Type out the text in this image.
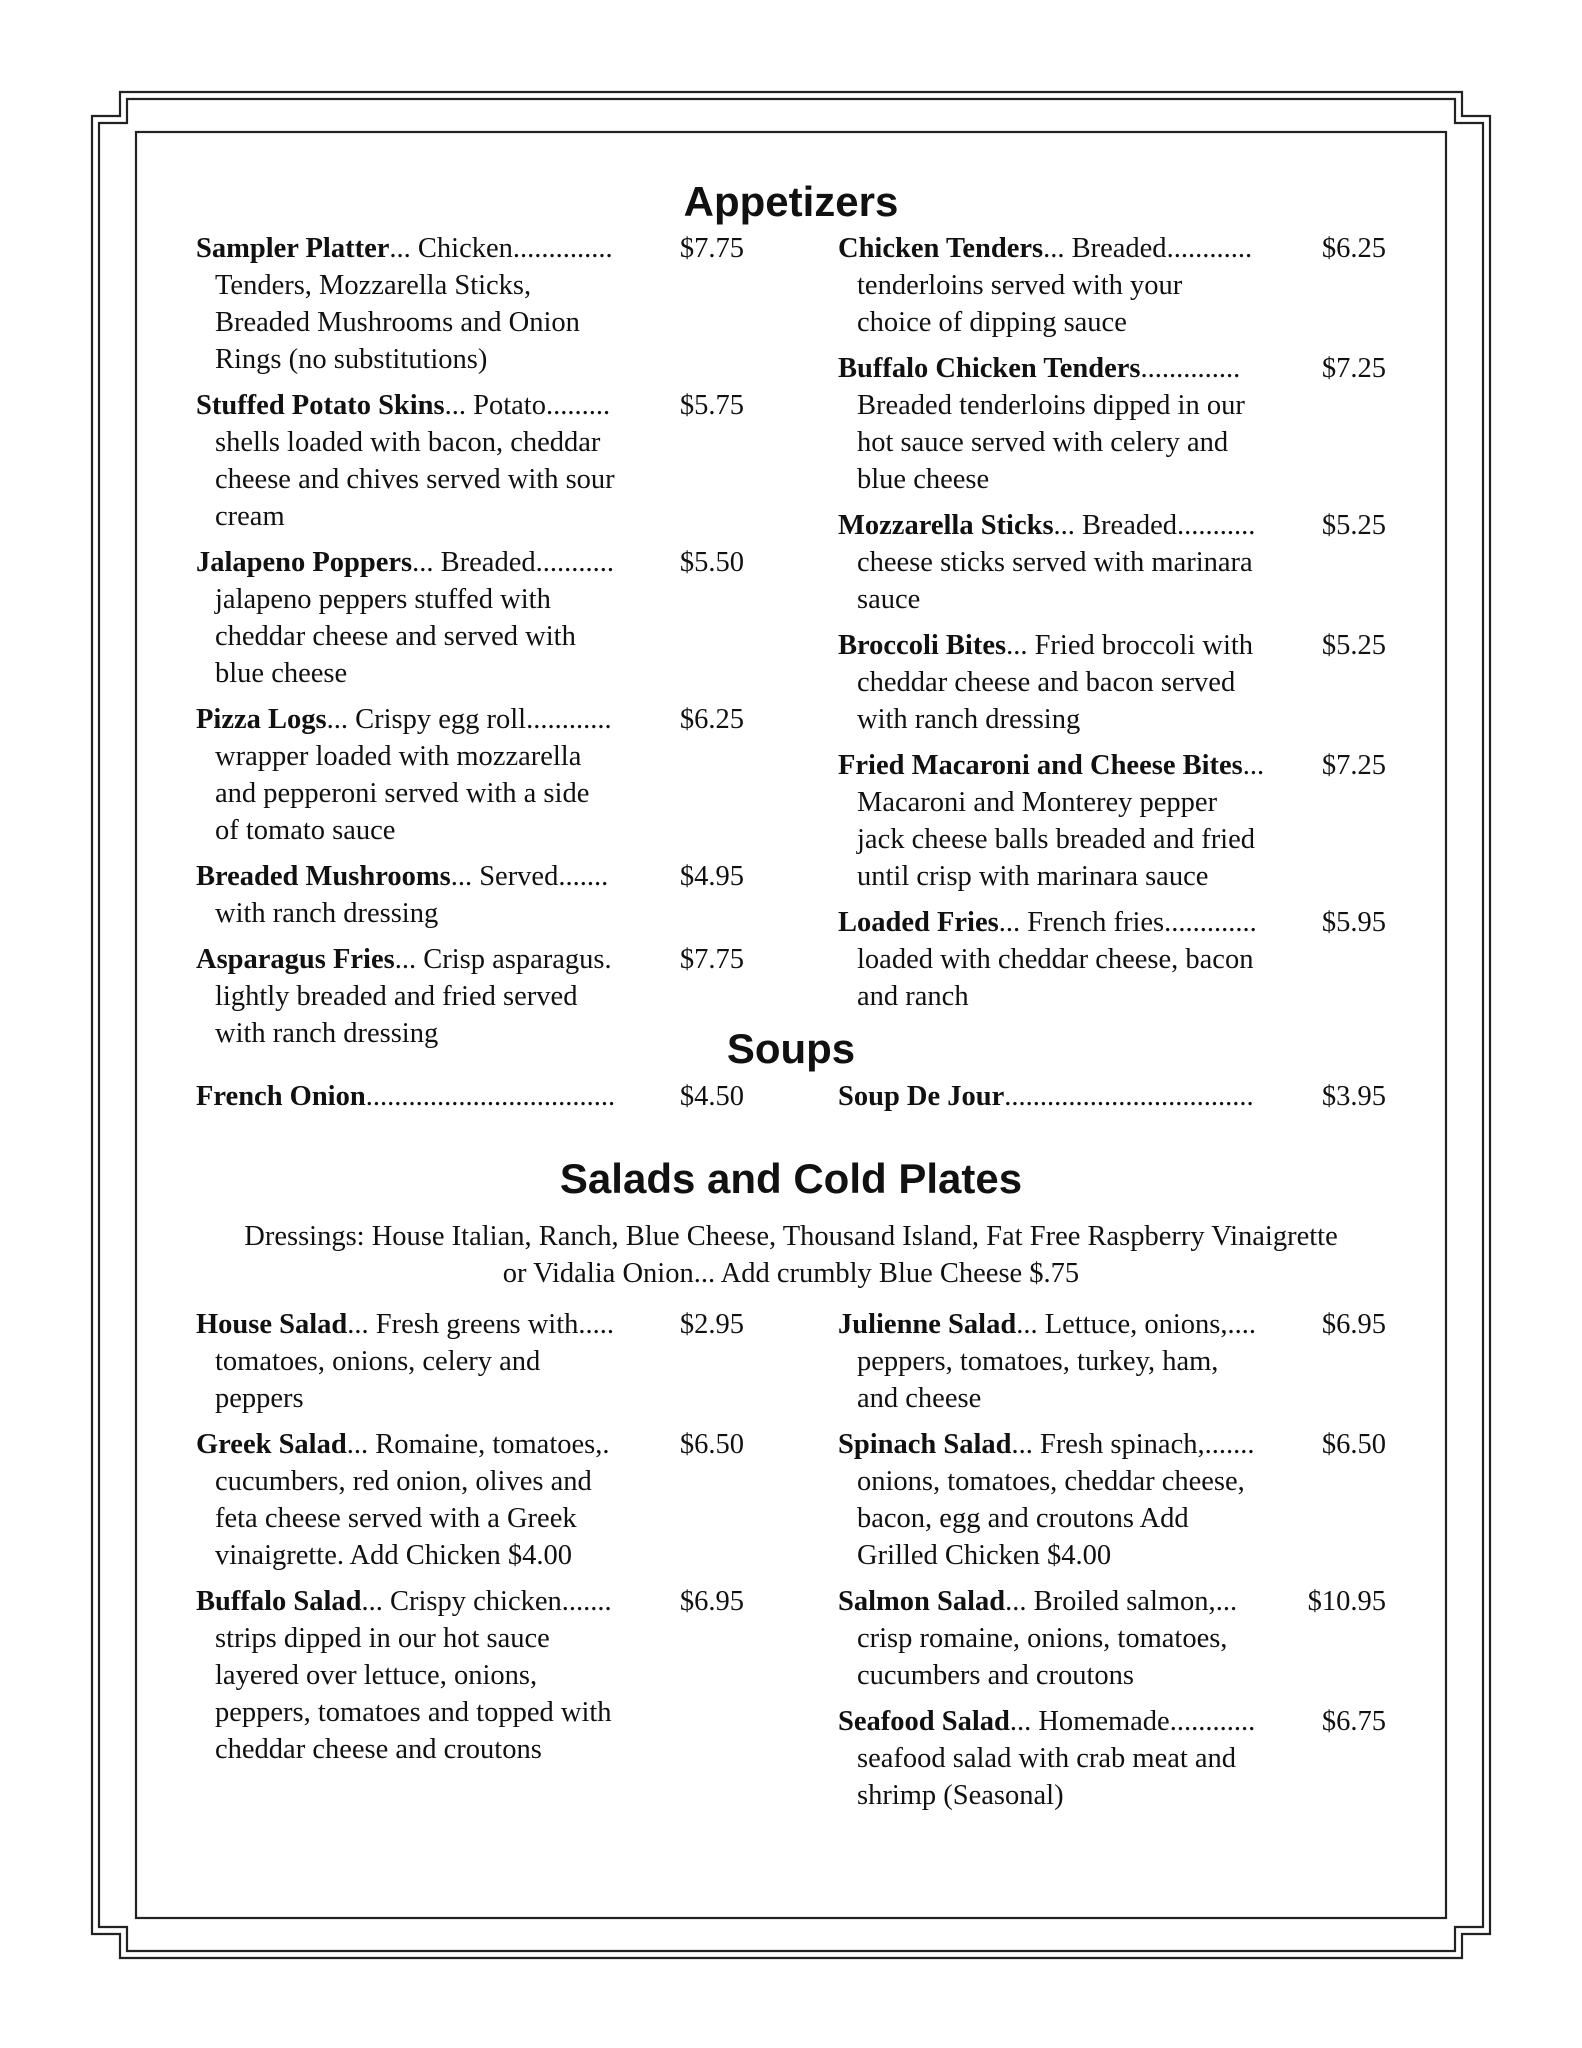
Appetizers
Sampler Platter ... Chicken ..............	$7.75
Tenders, Mozzarella Sticks,
Breaded Mushrooms and Onion
Rings (no substitutions)
Stuffed Potato Skins ... Potato .........	$5.75
shells loaded with bacon, cheddar
cheese and chives served with sour
cream
Jalapeno Poppers ... Breaded ...........	$5.50
jalapeno peppers stuffed with
cheddar cheese and served with
blue cheese
Pizza Logs ... Crispy egg roll ............	$6.25
wrapper loaded with mozzarella
and pepperoni served with a side
of tomato sauce
Breaded Mushrooms ... Served .......	$4.95
with ranch dressing
Asparagus Fries ... Crisp asparagus .	$7.75
lightly breaded and fried served
with ranch dressing
Chicken Tenders ... Breaded ............	$6.25
tenderloins served with your
choice of dipping sauce
Buffalo Chicken Tenders ... ...........	$7.25
Breaded tenderloins dipped in our
hot sauce served with celery and
blue cheese
Mozzarella Sticks ... Breaded ...........	$5.25
cheese sticks served with marinara
sauce
Broccoli Bites ... Fried broccoli with $5.25
cheddar cheese and bacon served
with ranch dressing
Fried Macaroni and Cheese Bites ...	$7.25
Macaroni and Monterey pepper
jack cheese balls breaded and fried
until crisp with marinara sauce
Loaded Fries ... French fries .............	$5.95
loaded with cheddar cheese, bacon
and ranch
Soups
French Onion ...................................	$4.50	Soup De Jour ...................................	$3.95
Salads and Cold Plates
Dressings: House Italian, Ranch, Blue Cheese, Thousand Island, Fat Free Raspberry Vinaigrette
or Vidalia Onion... Add crumbly Blue Cheese $.75
House Salad ... Fresh greens with .....	$2.95
tomatoes, onions, celery and
peppers
Greek Salad ... Romaine, tomatoes, .	$6.50
cucumbers, red onion, olives and
feta cheese served with a Greek
vinaigrette. Add Chicken $4.00
Buffalo Salad ... Crispy chicken .......	$6.95
strips dipped in our hot sauce
layered over lettuce, onions,
peppers, tomatoes and topped with
cheddar cheese and croutons
Julienne Salad ... Lettuce, onions, ....	$6.95
peppers, tomatoes, turkey, ham,
and cheese
Spinach Salad ... Fresh spinach, .......	$6.50
onions, tomatoes, cheddar cheese,
bacon, egg and croutons Add
Grilled Chicken $4.00
Salmon Salad ... Broiled salmon, ...	$10.95
crisp romaine, onions, tomatoes,
cucumbers and croutons
Seafood Salad ... Homemade ............	$6.75
seafood salad with crab meat and
shrimp (Seasonal)
